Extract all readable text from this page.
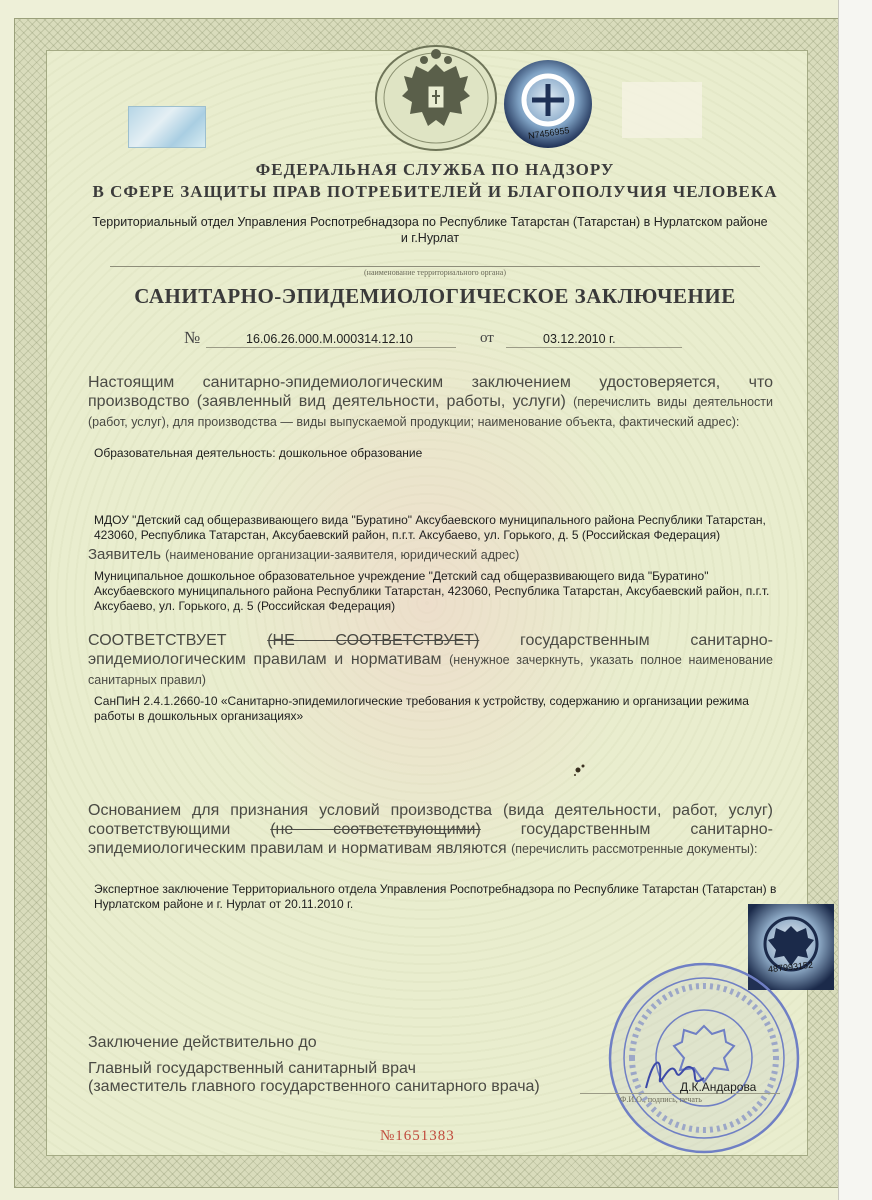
N7456955
ФЕДЕРАЛЬНАЯ СЛУЖБА ПО НАДЗОРУ
В СФЕРЕ ЗАЩИТЫ ПРАВ ПОТРЕБИТЕЛЕЙ И БЛАГОПОЛУЧИЯ ЧЕЛОВЕКА
Территориальный отдел Управления Роспотребнадзора по Республике Татарстан (Татарстан) в Нурлатском районе и г.Нурлат
(наименование территориального органа)
САНИТАРНО-ЭПИДЕМИОЛОГИЧЕСКОЕ ЗАКЛЮЧЕНИЕ
№	16.06.26.000.М.000314.12.10	от	03.12.2010 г.
Настоящим санитарно-эпидемиологическим заключением удостоверяется, что производство (заявленный вид деятельности, работы, услуги) (перечислить виды деятельности (работ, услуг), для производства — виды выпускаемой продукции; наименование объекта, фактический адрес):
Образовательная деятельность: дошкольное образование
МДОУ "Детский сад общеразвивающего вида "Буратино" Аксубаевского муниципального района Республики Татарстан, 423060, Республика Татарстан, Аксубаевский район, п.г.т. Аксубаево, ул. Горького, д. 5 (Российская Федерация)
Заявитель (наименование организации-заявителя, юридический адрес)
Муниципальное дошкольное образовательное учреждение "Детский сад общеразвивающего вида "Буратино" Аксубаевского муниципального района Республики Татарстан, 423060, Республика Татарстан, Аксубаевский район, п.г.т. Аксубаево, ул. Горького, д. 5 (Российская Федерация)
СООТВЕТСТВУЕТ	(НЕ СООТВЕТСТВУЕТ)	государственным санитарно-эпидемиологическим правилам и нормативам (ненужное зачеркнуть, указать полное наименование санитарных правил)
СанПиН 2.4.1.2660-10 «Санитарно-эпидемилогические требования к устройству, содержанию и организации режима работы в дошкольных организациях»
Основанием для признания условий производства (вида деятельности, работ, услуг) соответствующими (не соответствующими) государственным санитарно-эпидемиологическим правилам и нормативам являются (перечислить рассмотренные документы):
Экспертное заключение Территориального отдела Управления Роспотребнадзора по Республике Татарстан (Татарстан) в Нурлатском районе и г. Нурлат от 20.11.2010 г.
487993152
Заключение действительно до
Главный государственный санитарный врач
(заместитель главного государственного санитарного врача)	Д.К.Андарова
Ф.И.О., подпись, печать
№1651383
